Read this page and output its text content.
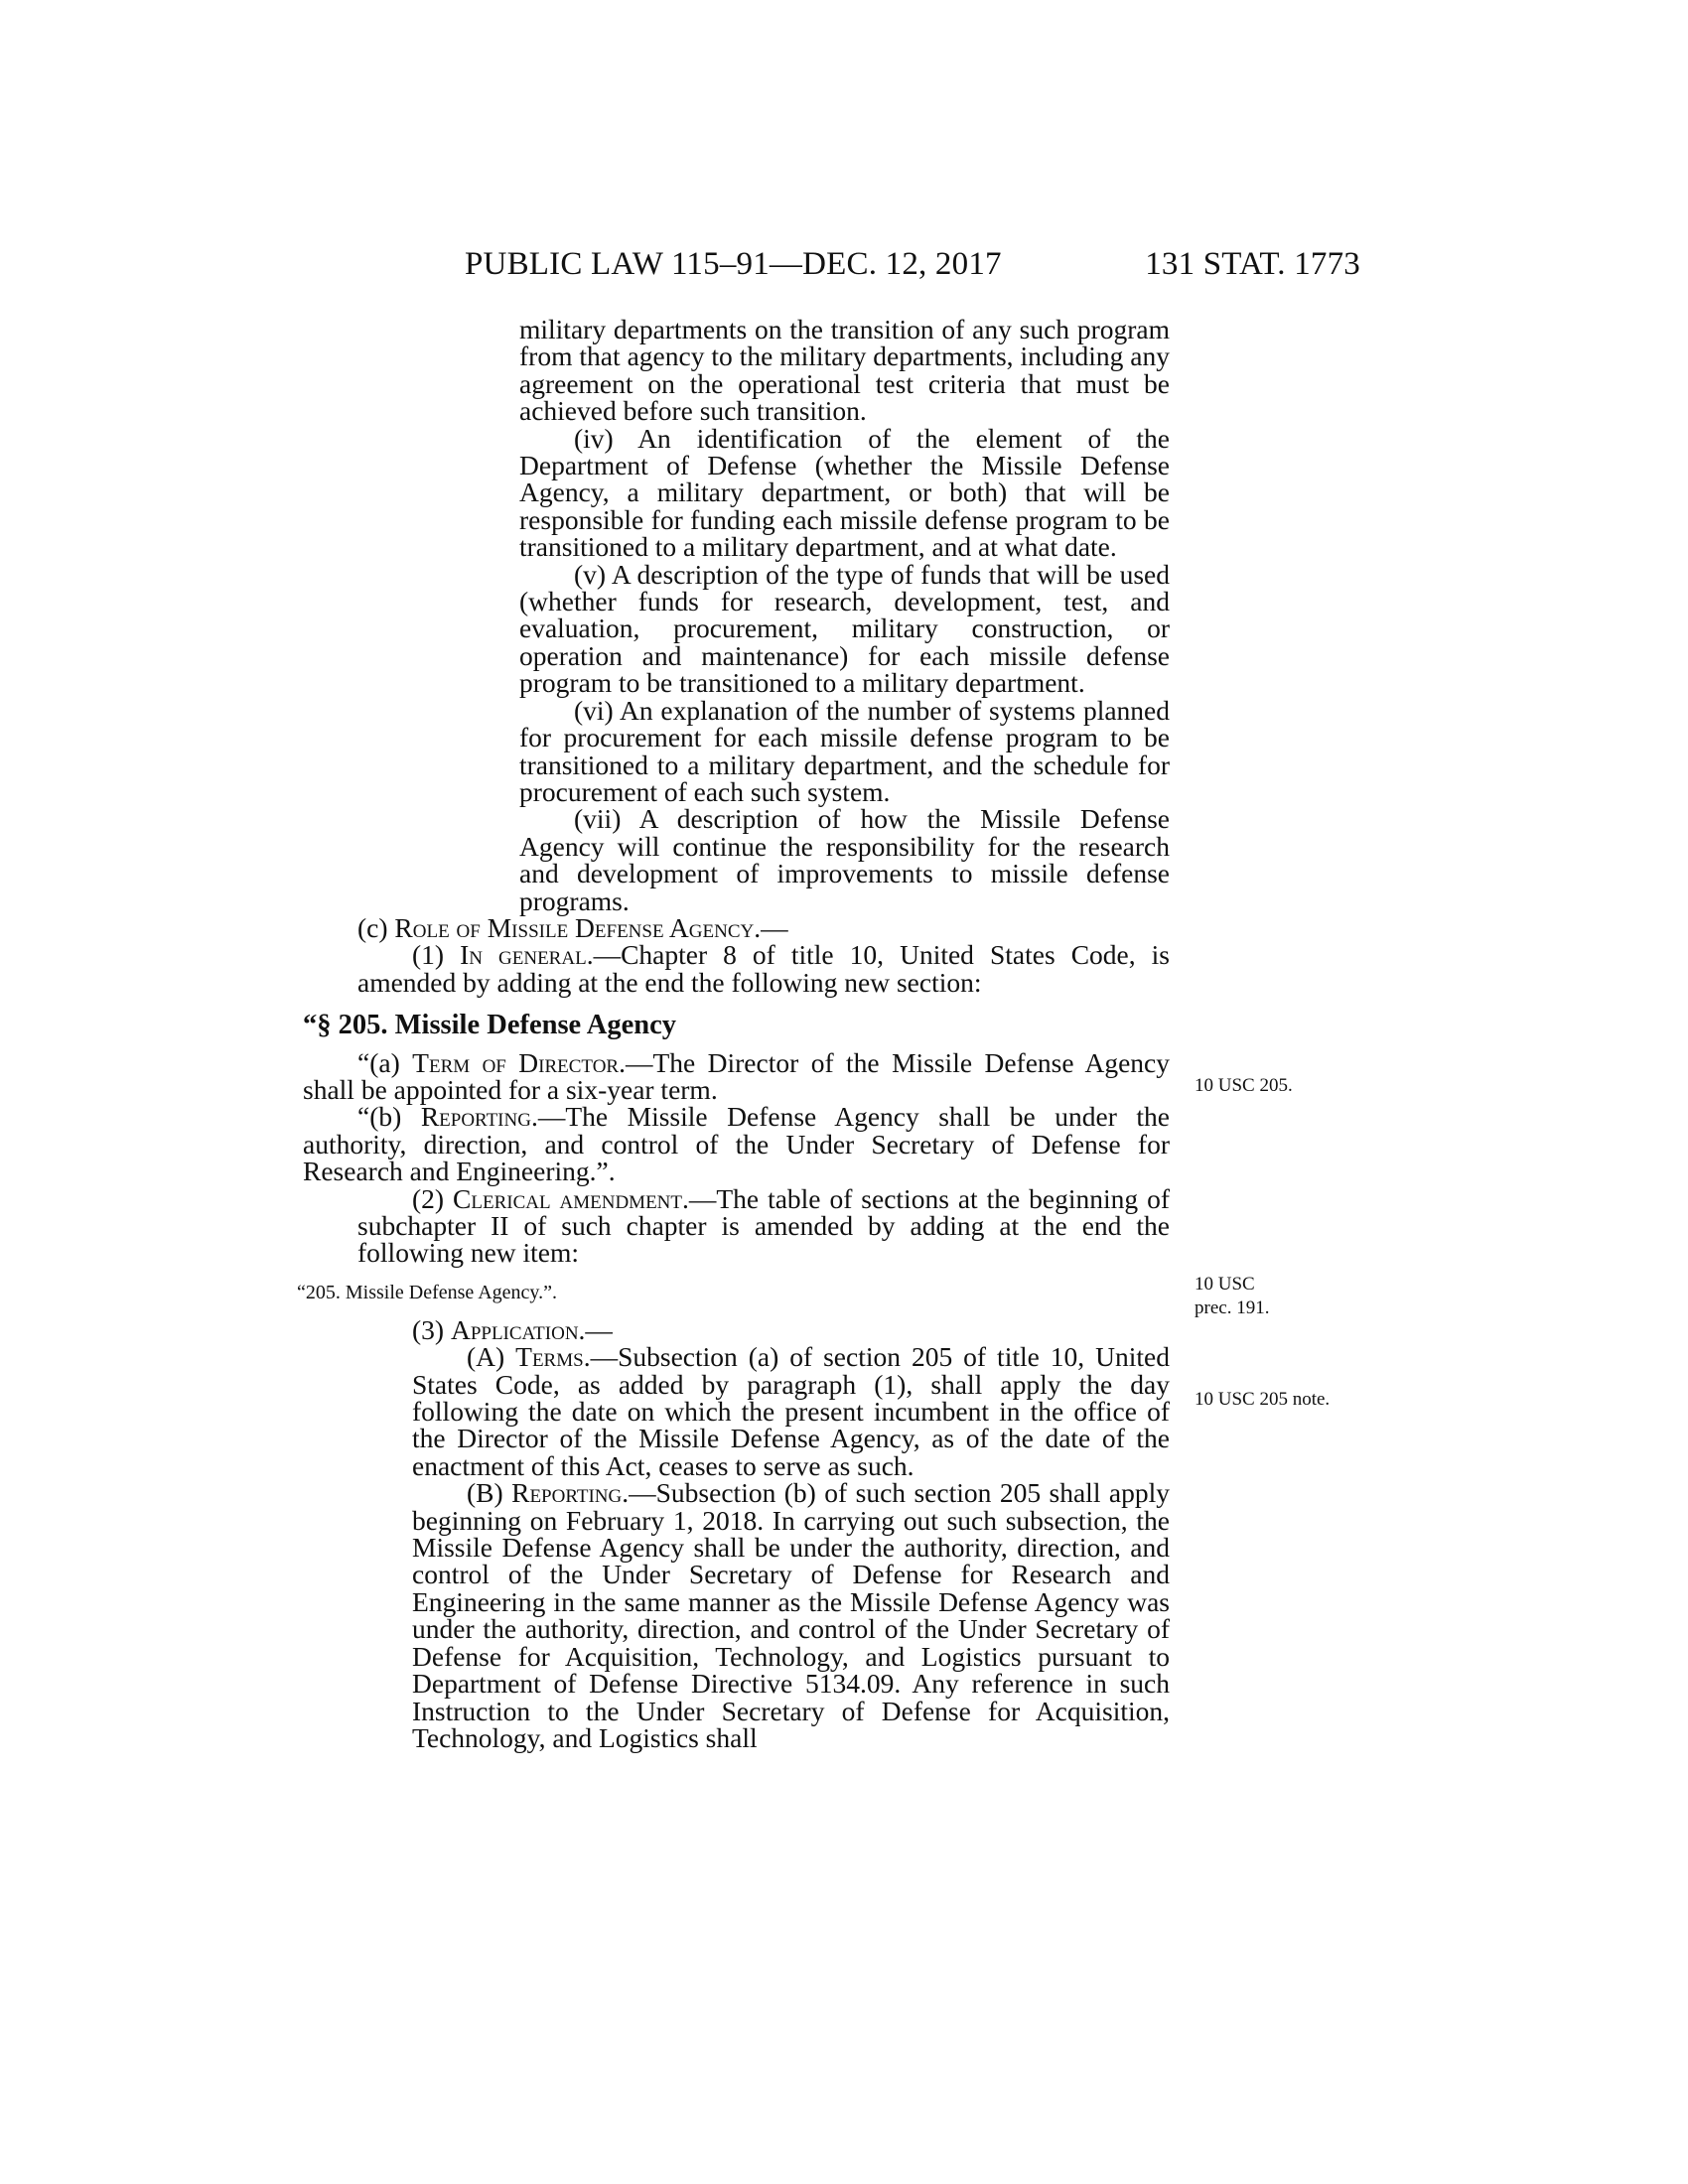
PUBLIC LAW 115–91—DEC. 12, 2017	131 STAT. 1773

military departments on the transition of any such program from that agency to the military departments, including any agreement on the operational test criteria that must be achieved before such transition.

(iv) An identification of the element of the Department of Defense (whether the Missile Defense Agency, a military department, or both) that will be responsible for funding each missile defense program to be transitioned to a military department, and at what date.

(v) A description of the type of funds that will be used (whether funds for research, development, test, and evaluation, procurement, military construction, or operation and maintenance) for each missile defense program to be transitioned to a military department.

(vi) An explanation of the number of systems planned for procurement for each missile defense program to be transitioned to a military department, and the schedule for procurement of each such system.

(vii) A description of how the Missile Defense Agency will continue the responsibility for the research and development of improvements to missile defense programs.

(c) Role of Missile Defense Agency.—

(1) In general.—Chapter 8 of title 10, United States Code, is amended by adding at the end the following new section:

“§ 205. Missile Defense Agency

“(a) Term of Director.—The Director of the Missile Defense Agency shall be appointed for a six-year term.

“(b) Reporting.—The Missile Defense Agency shall be under the authority, direction, and control of the Under Secretary of Defense for Research and Engineering.”.

(2) Clerical amendment.—The table of sections at the beginning of subchapter II of such chapter is amended by adding at the end the following new item:

“205. Missile Defense Agency.”.

(3) Application.—

(A) Terms.—Subsection (a) of section 205 of title 10, United States Code, as added by paragraph (1), shall apply the day following the date on which the present incumbent in the office of the Director of the Missile Defense Agency, as of the date of the enactment of this Act, ceases to serve as such.

(B) Reporting.—Subsection (b) of such section 205 shall apply beginning on February 1, 2018. In carrying out such subsection, the Missile Defense Agency shall be under the authority, direction, and control of the Under Secretary of Defense for Research and Engineering in the same manner as the Missile Defense Agency was under the authority, direction, and control of the Under Secretary of Defense for Acquisition, Technology, and Logistics pursuant to Department of Defense Directive 5134.09. Any reference in such Instruction to the Under Secretary of Defense for Acquisition, Technology, and Logistics shall

10 USC 205.
10 USC
prec. 191.
10 USC 205 note.
